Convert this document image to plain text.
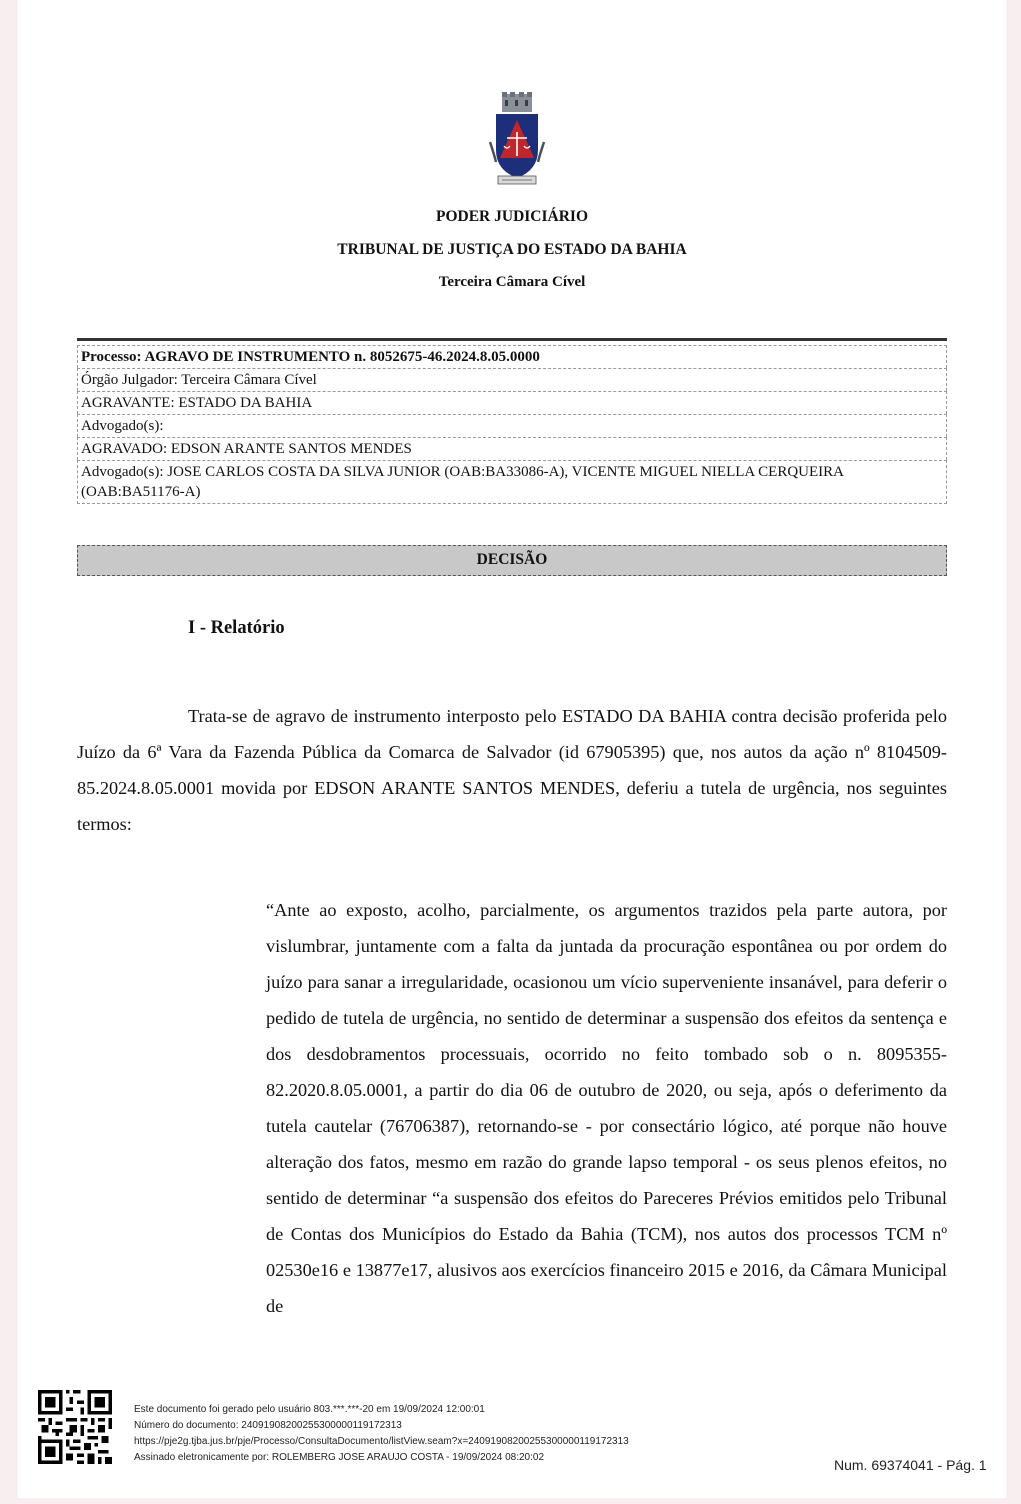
PODER JUDICIÁRIO
TRIBUNAL DE JUSTIÇA DO ESTADO DA BAHIA
Terceira Câmara Cível
Processo: AGRAVO DE INSTRUMENTO n. 8052675-46.2024.8.05.0000
Órgão Julgador: Terceira Câmara Cível
AGRAVANTE: ESTADO DA BAHIA
Advogado(s):
AGRAVADO: EDSON ARANTE SANTOS MENDES
Advogado(s): JOSE CARLOS COSTA DA SILVA JUNIOR (OAB:BA33086-A), VICENTE MIGUEL NIELLA CERQUEIRA (OAB:BA51176-A)
DECISÃO
I - Relatório

Trata-se de agravo de instrumento interposto pelo ESTADO DA BAHIA contra decisão proferida pelo Juízo da 6ª Vara da Fazenda Pública da Comarca de Salvador (id 67905395) que, nos autos da ação nº 8104509-85.2024.8.05.0001 movida por EDSON ARANTE SANTOS MENDES, deferiu a tutela de urgência, nos seguintes termos:

“Ante ao exposto, acolho, parcialmente, os argumentos trazidos pela parte autora, por vislumbrar, juntamente com a falta da juntada da procuração espontânea ou por ordem do juízo para sanar a irregularidade, ocasionou um vício superveniente insanável, para deferir o pedido de tutela de urgência, no sentido de determinar a suspensão dos efeitos da sentença e dos desdobramentos processuais, ocorrido no feito tombado sob o n. 8095355-82.2020.8.05.0001, a partir do dia 06 de outubro de 2020, ou seja, após o deferimento da tutela cautelar (76706387), retornando-se - por consectário lógico, até porque não houve alteração dos fatos, mesmo em razão do grande lapso temporal - os seus plenos efeitos, no sentido de determinar “a suspensão dos efeitos do Pareceres Prévios emitidos pelo Tribunal de Contas dos Municípios do Estado da Bahia (TCM), nos autos dos processos TCM nº 02530e16 e 13877e17, alusivos aos exercícios financeiro 2015 e 2016, da Câmara Municipal de

Este documento foi gerado pelo usuário 803.***.***-20 em 19/09/2024 12:00:01
Número do documento: 24091908200255300000119172313
https://pje2g.tjba.jus.br/pje/Processo/ConsultaDocumento/listView.seam?x=24091908200255300000119172313
Assinado eletronicamente por: ROLEMBERG JOSE ARAUJO COSTA - 19/09/2024 08:20:02	Num. 69374041 - Pág. 1
